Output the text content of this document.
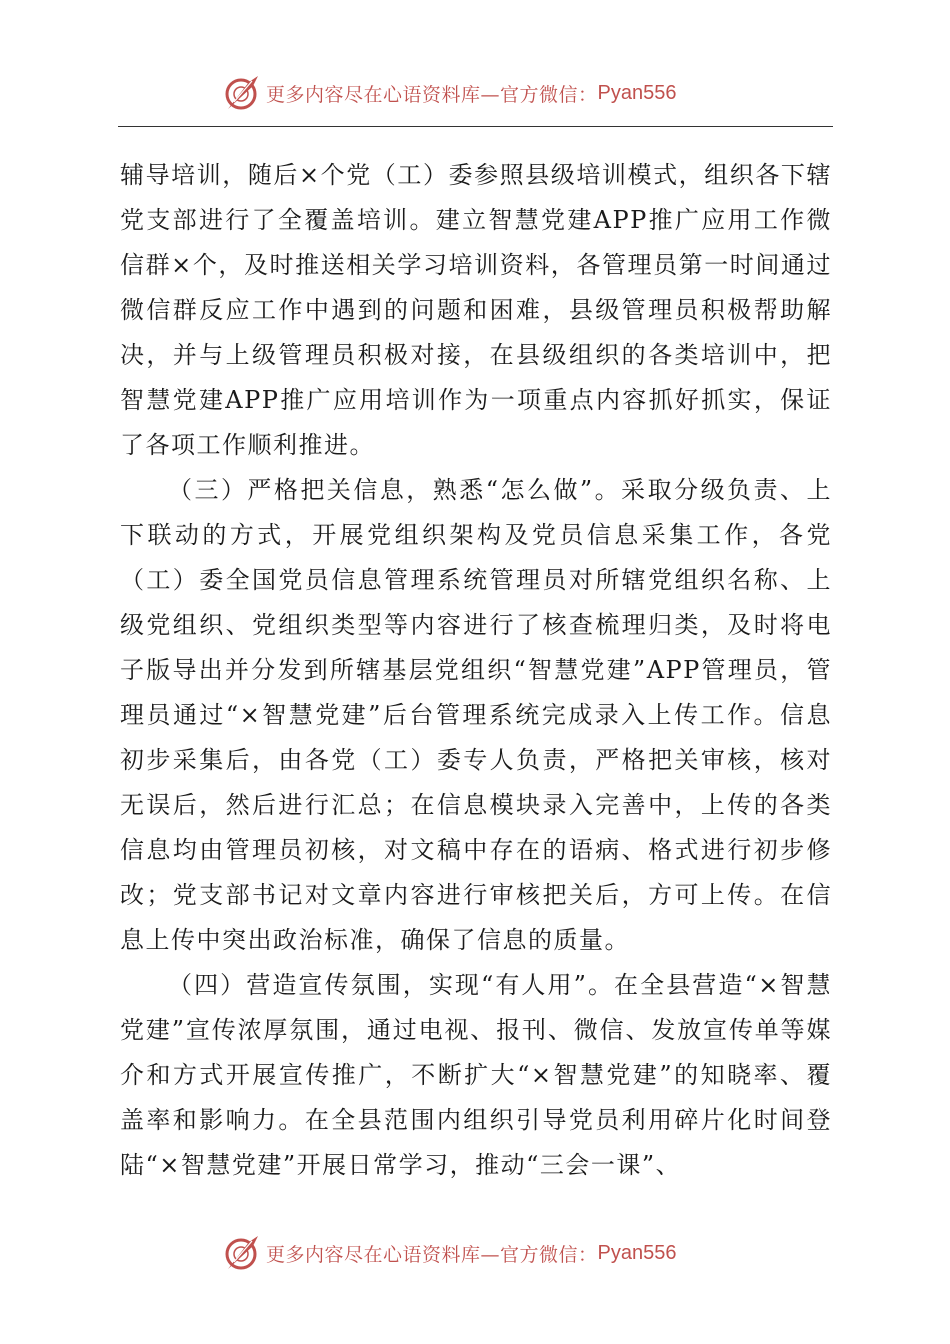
更多内容尽在心语资料库—官方微信： Pyan556

辅导培训，随后×个党（工）委参照县级培训模式，组织各下辖党支部进行了全覆盖培训。建立智慧党建APP推广应用工作微信群×个，及时推送相关学习培训资料，各管理员第一时间通过微信群反应工作中遇到的问题和困难，县级管理员积极帮助解决，并与上级管理员积极对接，在县级组织的各类培训中，把智慧党建APP推广应用培训作为一项重点内容抓好抓实，保证了各项工作顺利推进。

（三）严格把关信息，熟悉“怎么做”。采取分级负责、上下联动的方式，开展党组织架构及党员信息采集工作，各党（工）委全国党员信息管理系统管理员对所辖党组织名称、上级党组织、党组织类型等内容进行了核查梳理归类，及时将电子版导出并分发到所辖基层党组织“智慧党建”APP管理员，管理员通过“×智慧党建”后台管理系统完成录入上传工作。信息初步采集后，由各党（工）委专人负责，严格把关审核，核对无误后，然后进行汇总；在信息模块录入完善中，上传的各类信息均由管理员初核，对文稿中存在的语病、格式进行初步修改；党支部书记对文章内容进行审核把关后，方可上传。在信息上传中突出政治标准，确保了信息的质量。

（四）营造宣传氛围，实现“有人用”。在全县营造“×智慧党建”宣传浓厚氛围，通过电视、报刊、微信、发放宣传单等媒介和方式开展宣传推广，不断扩大“×智慧党建”的知晓率、覆盖率和影响力。在全县范围内组织引导党员利用碎片化时间登陆“×智慧党建”开展日常学习，推动“三会一课”、

更多内容尽在心语资料库—官方微信： Pyan556
